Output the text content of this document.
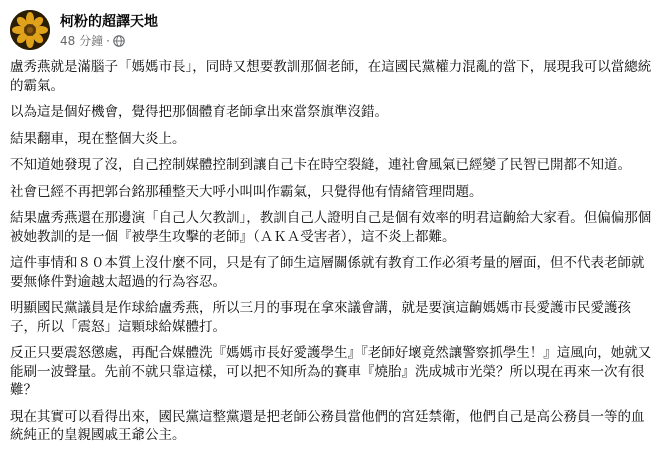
柯粉的超譯天地
48 分鐘 ·

盧秀燕就是滿腦子「媽媽市長」，同時又想要教訓那個老師，在這國民黨權力混亂的當下，展現我可以當總統的霸氣。

以為這是個好機會，覺得把那個體育老師拿出來當祭旗準沒錯。

結果翻車，現在整個大炎上。

不知道她發現了沒，自己控制媒體控制到讓自己卡在時空裂縫，連社會風氣已經變了民智已開都不知道。

社會已經不再把郭台銘那種整天大呼小叫叫作霸氣，只覺得他有情緒管理問題。

結果盧秀燕還在那邊演「自己人欠教訓」，教訓自己人證明自己是個有效率的明君這齣給大家看。但偏偏那個被她教訓的是一個『被學生攻擊的老師』（ＡＫＡ受害者），這不炎上都難。

這件事情和８０本質上沒什麼不同，只是有了師生這層關係就有教育工作必須考量的層面，但不代表老師就要無條件對逾越太超過的行為容忍。

明顯國民黨議員是作球給盧秀燕，所以三月的事現在拿來議會講，就是要演這齣媽媽市長愛護市民愛護孩子，所以「震怒」這顆球給媒體打。

反正只要震怒懲處，再配合媒體洗『媽媽市長好愛護學生』『老師好壞竟然讓警察抓學生！』這風向，她就又能刷一波聲量。先前不就只靠這樣，可以把不知所為的賽車『燒胎』洗成城市光榮？所以現在再來一次有很難？

現在其實可以看得出來，國民黨這整黨還是把老師公務員當他們的宮廷禁衛，他們自己是高公務員一等的血統純正的皇親國戚王爺公主。
